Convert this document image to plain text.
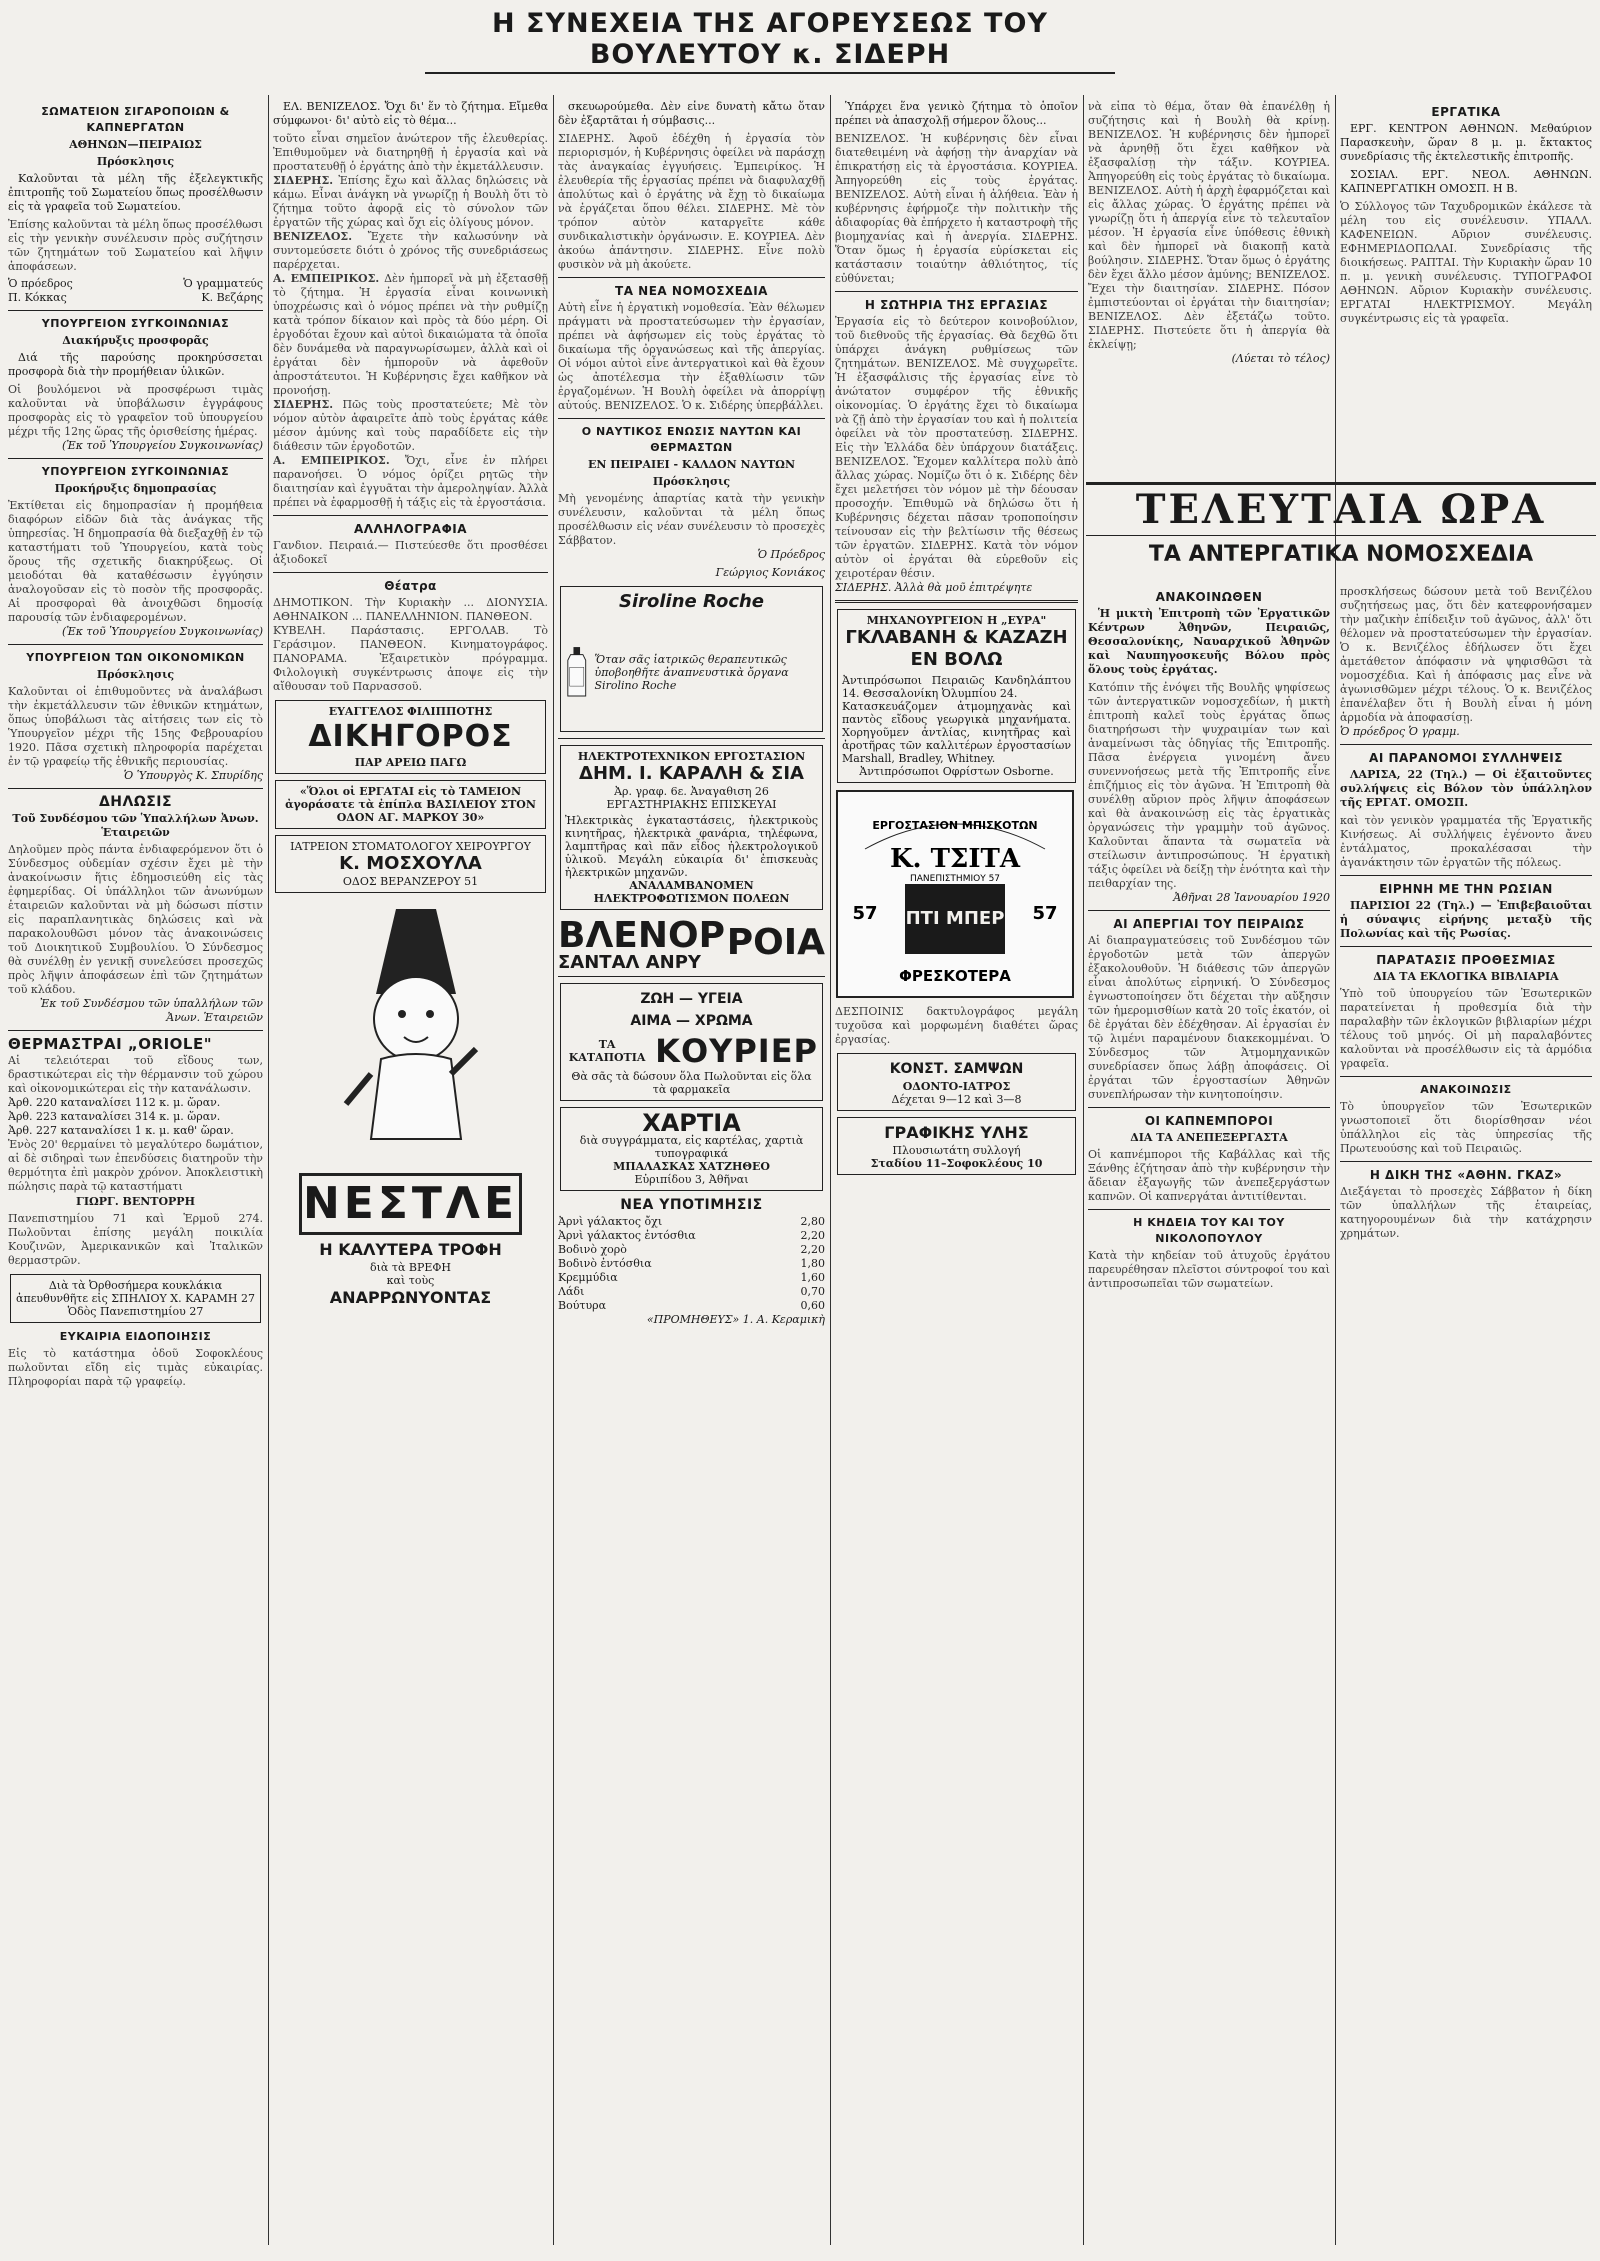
Η ΣΥΝΕΧΕΙΑ ΤΗΣ ΑΓΟΡΕΥΣΕΩΣ ΤΟΥ ΒΟΥΛΕΥΤΟΥ κ. ΣΙΔΕΡΗ
ΣΩΜΑΤΕΙΟΝ ΣΙΓΑΡΟΠΟΙΩΝ & ΚΑΠΝΕΡΓΑΤΩΝ
ΑΘΗΝΩΝ—ΠΕΙΡΑΙΩΣ
Πρόσκλησις

Καλοῦνται τὰ μέλη τῆς ἐξελεγκτικῆς ἐπιτροπῆς τοῦ Σωματείου ὅπως προσέλθωσιν εἰς τὰ γραφεῖα τοῦ Σωματείου.

Ἐπίσης καλοῦνται τὰ μέλη ὅπως προσέλθωσι εἰς τὴν γενικὴν συνέλευσιν πρὸς συζήτησιν τῶν ζητημάτων τοῦ Σωματείου καὶ λῆψιν ἀποφάσεων.
Ὁ πρόεδρος	Ὁ γραμματεύς
Π. Κόκκας	Κ. Βεζάρης
ΥΠΟΥΡΓΕΙΟΝ ΣΥΓΚΟΙΝΩΝΙΑΣ
Διακήρυξις προσφορᾶς

Διά τῆς παρούσης προκηρύσσεται προσφορὰ διὰ τὴν προμήθειαν ὑλικῶν.

Οἱ βουλόμενοι νὰ προσφέρωσι τιμὰς καλοῦνται νὰ ὑποβάλωσιν ἐγγράφους προσφορὰς εἰς τὸ γραφεῖον τοῦ ὑπουργείου μέχρι τῆς 12ης ὥρας τῆς ὁρισθείσης ἡμέρας.
(Ἐκ τοῦ Ὑπουργείου Συγκοινωνίας)
ΥΠΟΥΡΓΕΙΟΝ ΣΥΓΚΟΙΝΩΝΙΑΣ
Προκήρυξις δημοπρασίας
Ἐκτίθεται εἰς δημοπρασίαν ἡ προμήθεια διαφόρων εἰδῶν διὰ τὰς ἀνάγκας τῆς ὑπηρεσίας. Ἡ δημοπρασία θὰ διεξαχθῇ ἐν τῷ καταστήματι τοῦ Ὑπουργείου, κατὰ τοὺς ὅρους τῆς σχετικῆς διακηρύξεως. Οἱ μειοδόται θὰ καταθέσωσιν ἐγγύησιν ἀναλογοῦσαν εἰς τὸ ποσὸν τῆς προσφορᾶς. Αἱ προσφοραὶ θὰ ἀνοιχθῶσι δημοσίᾳ παρουσίᾳ τῶν ἐνδιαφερομένων.
(Ἐκ τοῦ Ὑπουργείου Συγκοινωνίας)
ΥΠΟΥΡΓΕΙΟΝ ΤΩΝ ΟΙΚΟΝΟΜΙΚΩΝ
Πρόσκλησις
Καλοῦνται οἱ ἐπιθυμοῦντες νὰ ἀναλάβωσι τὴν ἐκμετάλλευσιν τῶν ἐθνικῶν κτημάτων, ὅπως ὑποβάλωσι τὰς αἰτήσεις των εἰς τὸ Ὑπουργεῖον μέχρι τῆς 15ης Φεβρουαρίου 1920. Πᾶσα σχετικὴ πληροφορία παρέχεται ἐν τῷ γραφείῳ τῆς ἐθνικῆς περιουσίας.
Ὁ Ὑπουργὸς Κ. Σπυρίδης
ΔΗΛΩΣΙΣ
Τοῦ Συνδέσμου τῶν Ὑπαλλήλων Ἀνων. Ἑταιρειῶν
Δηλοῦμεν πρὸς πάντα ἐνδιαφερόμενον ὅτι ὁ Σύνδεσμος οὐδεμίαν σχέσιν ἔχει μὲ τὴν ἀνακοίνωσιν ἥτις ἐδημοσιεύθη εἰς τὰς ἐφημερίδας. Οἱ ὑπάλληλοι τῶν ἀνωνύμων ἑταιρειῶν καλοῦνται νὰ μὴ δώσωσι πίστιν εἰς παραπλανητικὰς δηλώσεις καὶ νὰ παρακολουθῶσι μόνον τὰς ἀνακοινώσεις τοῦ Διοικητικοῦ Συμβουλίου. Ὁ Σύνδεσμος θὰ συνέλθῃ ἐν γενικῇ συνελεύσει προσεχῶς πρὸς λῆψιν ἀποφάσεων ἐπὶ τῶν ζητημάτων τοῦ κλάδου.
Ἐκ τοῦ Συνδέσμου τῶν ὑπαλλήλων τῶν Ἀνων. Ἑταιρειῶν
ΘΕΡΜΑΣΤΡΑΙ „ORIOLE"
Αἱ τελειότεραι τοῦ εἴδους των, δραστικώτεραι εἰς τὴν θέρμανσιν τοῦ χώρου καὶ οἰκονομικώτεραι εἰς τὴν κατανάλωσιν.
Ἀρθ. 220 καταναλίσει 112 κ. μ. ὥραν.
Ἀρθ. 223 καταναλίσει 314 κ. μ. ὥραν.
Ἀρθ. 227 καταναλίσει 1 κ. μ. καθ' ὥραν.
Ἑνὸς 20' θερμαίνει τὸ μεγαλύτερο δωμάτιον, αἱ δὲ σιδηραὶ των ἐπενδύσεις διατηροῦν τὴν θερμότητα ἐπὶ μακρὸν χρόνον. Ἀποκλειστικὴ πώλησις παρὰ τῷ καταστήματι
ΓΙΩΡΓ. ΒΕΝΤΟΡΡΗ
Πανεπιστημίου 71 καὶ Ἑρμοῦ 274. Πωλοῦνται ἐπίσης μεγάλη ποικιλία Κουζινῶν, Ἀμερικανικῶν καὶ Ἰταλικῶν θερμαστρῶν.
Διὰ τὰ Ὀρθοσήμερα κουκλάκια ἀπευθυνθῆτε εἰς ΣΠΗΛΙΟΥ Χ. ΚΑΡΑΜΗ 27 Ὁδὸς Πανεπιστημίου 27
ΕΥΚΑΙΡΙΑ ΕΙΔΟΠΟΙΗΣΙΣ
Εἰς τὸ κατάστημα ὁδοῦ Σοφοκλέους πωλοῦνται εἴδη εἰς τιμὰς εὐκαιρίας. Πληροφορίαι παρὰ τῷ γραφείῳ.

ΕΛ. ΒΕΝΙΖΕΛΟΣ. Ὄχι δι' ἕν τὸ ζήτημα. Εἴμεθα σύμφωνοι· δι' αὐτὸ εἰς τὸ θέμα...

τοῦτο εἶναι σημεῖον ἀνώτερον τῆς ἐλευθερίας. Ἐπιθυμοῦμεν νὰ διατηρηθῇ ἡ ἐργασία καὶ νὰ προστατευθῇ ὁ ἐργάτης ἀπὸ τὴν ἐκμετάλλευσιν.
ΣΙΔΕΡΗΣ. Ἐπίσης ἔχω καὶ ἄλλας δηλώσεις νὰ κάμω. Εἶναι ἀνάγκη νὰ γνωρίζῃ ἡ Βουλὴ ὅτι τὸ ζήτημα τοῦτο ἀφορᾷ εἰς τὸ σύνολον τῶν ἐργατῶν τῆς χώρας καὶ ὄχι εἰς ὀλίγους μόνον.
ΒΕΝΙΖΕΛΟΣ. Ἔχετε τὴν καλωσύνην νὰ συντομεύσετε διότι ὁ χρόνος τῆς συνεδριάσεως παρέρχεται.
Α. ΕΜΠΕΙΡΙΚΟΣ. Δὲν ἠμπορεῖ νὰ μὴ ἐξετασθῇ τὸ ζήτημα. Ἡ ἐργασία εἶναι κοινωνικὴ ὑποχρέωσις καὶ ὁ νόμος πρέπει νὰ τὴν ρυθμίζῃ κατὰ τρόπον δίκαιον καὶ πρὸς τὰ δύο μέρη. Οἱ ἐργοδόται ἔχουν καὶ αὐτοὶ δικαιώματα τὰ ὁποῖα δὲν δυνάμεθα νὰ παραγνωρίσωμεν, ἀλλὰ καὶ οἱ ἐργάται δὲν ἠμποροῦν νὰ ἀφεθοῦν ἀπροστάτευτοι. Ἡ Κυβέρνησις ἔχει καθῆκον νὰ προνοήσῃ.
ΣΙΔΕΡΗΣ. Πῶς τοὺς προστατεύετε; Μὲ τὸν νόμον αὐτὸν ἀφαιρεῖτε ἀπὸ τοὺς ἐργάτας κάθε μέσον ἀμύνης καὶ τοὺς παραδίδετε εἰς τὴν διάθεσιν τῶν ἐργοδοτῶν.
Α. ΕΜΠΕΙΡΙΚΟΣ. Ὄχι, εἶνε ἐν πλήρει παρανοήσει. Ὁ νόμος ὁρίζει ρητῶς τὴν διαιτησίαν καὶ ἐγγυᾶται τὴν ἀμεροληψίαν. Ἀλλὰ πρέπει νὰ ἐφαρμοσθῇ ἡ τάξις εἰς τὰ ἐργοστάσια.
ΑΛΛΗΛΟΓΡΑΦΙΑ
Γανδιον. Πειραιά.— Πιστεύεσθε ὅτι προσθέσει ἀξιοδοκεῖ
Θέατρα
ΔΗΜΟΤΙΚΟΝ. Τὴν Κυριακὴν ... ΔΙΟΝΥΣΙΑ. ΑΘΗΝΑΙΚΟΝ ... ΠΑΝΕΛΛΗΝΙΟΝ. ΠΑΝΘΕΟΝ.
ΚΥΒΕΛΗ. Παράστασις. ΕΡΓΟΛΑΒ. Τὸ Γεράσιμον. ΠΑΝΘΕΟΝ. Κινηματογράφος. ΠΑΝΟΡΑΜΑ. Ἐξαιρετικὸν πρόγραμμα. Φιλολογικὴ συγκέντρωσις ἀποψε εἰς τὴν αἴθουσαν τοῦ Παρνασσοῦ.
ΕΥΑΓΓΕΛΟΣ ΦΙΛΙΠΠΟΤΗΣ
ΔΙΚΗΓΟΡΟΣ
ΠΑΡ ΑΡΕΙΩ ΠΑΓΩ
«Ὅλοι οἱ ΕΡΓΑΤΑΙ εἰς τὸ ΤΑΜΕΙΟΝ ἀγοράσατε τὰ ἐπίπλα ΒΑΣΙΛΕΙΟΥ ΣΤΟΝ ΟΔΟΝ ΑΓ. ΜΑΡΚΟΥ 30»
ΙΑΤΡΕΙΟΝ ΣΤΟΜΑΤΟΛΟΓΟΥ ΧΕΙΡΟΥΡΓΟΥ
Κ. ΜΟΣΧΟΥΛΑ
ΟΔΟΣ ΒΕΡΑΝΖΕΡΟΥ 51
ΝΕΣΤΛΕ
Η ΚΑΛΥΤΕΡΑ ΤΡΟΦΗ
διὰ τὰ ΒΡΕΦΗ
καὶ τοὺς
ΑΝΑΡΡΩΝΥΟΝΤΑΣ

σκευωρούμεθα. Δὲν εἶνε δυνατὴ κἄτω ὅταν δὲν ἐξαρτᾶται ἡ σύμβασις...

ΣΙΔΕΡΗΣ. Ἀφοῦ ἐδέχθη ἡ ἐργασία τὸν περιορισμόν, ἡ Κυβέρνησις ὀφείλει νὰ παράσχῃ τὰς ἀναγκαίας ἐγγυήσεις. Ἐμπειρίκος. Ἡ ἐλευθερία τῆς ἐργασίας πρέπει νὰ διαφυλαχθῇ ἀπολύτως καὶ ὁ ἐργάτης νὰ ἔχῃ τὸ δικαίωμα νὰ ἐργάζεται ὅπου θέλει. ΣΙΔΕΡΗΣ. Μὲ τὸν τρόπον αὐτὸν καταργεῖτε κάθε συνδικαλιστικὴν ὀργάνωσιν. Ε. ΚΟΥΡΙΕΑ. Δὲν ἀκούω ἀπάντησιν. ΣΙΔΕΡΗΣ. Εἶνε πολὺ φυσικὸν νὰ μὴ ἀκούετε.
ΤΑ ΝΕΑ ΝΟΜΟΣΧΕΔΙΑ
Αὐτὴ εἶνε ἡ ἐργατικὴ νομοθεσία. Ἐὰν θέλωμεν πράγματι νὰ προστατεύσωμεν τὴν ἐργασίαν, πρέπει νὰ ἀφήσωμεν εἰς τοὺς ἐργάτας τὸ δικαίωμα τῆς ὀργανώσεως καὶ τῆς ἀπεργίας. Οἱ νόμοι αὐτοὶ εἶνε ἀντεργατικοὶ καὶ θὰ ἔχουν ὡς ἀποτέλεσμα τὴν ἐξαθλίωσιν τῶν ἐργαζομένων. Ἡ Βουλὴ ὀφείλει νὰ ἀπορρίψῃ αὐτούς. ΒΕΝΙΖΕΛΟΣ. Ὁ κ. Σιδέρης ὑπερβάλλει.
Ο ΝΑΥΤΙΚΟΣ ΕΝΩΣΙΣ ΝΑΥΤΩΝ ΚΑΙ ΘΕΡΜΑΣΤΩΝ
ΕΝ ΠΕΙΡΑΙΕΙ - ΚΑΛΔΟΝ ΝΑΥΤΩΝ
Πρόσκλησις
Μὴ γενομένης ἀπαρτίας κατὰ τὴν γενικὴν συνέλευσιν, καλοῦνται τὰ μέλη ὅπως προσέλθωσιν εἰς νέαν συνέλευσιν τὸ προσεχὲς Σάββατον.
Ὁ Πρόεδρος
Γεώργιος Κονιάκος
Siroline Roche
Ὅταν σᾶς ἰατρικῶς θεραπευτικῶς ὑποβοηθῆτε ἀναπνευστικὰ ὄργανα Sirolino Roche
ΗΛΕΚΤΡΟΤΕΧΝΙΚΟΝ ΕΡΓΟΣΤΑΣΙΟΝ
ΔΗΜ. Ι. ΚΑΡΑΛΗ & ΣΙΑ
Ἀρ. γραφ. 6ε. Ἀναγαθιση 26 ΕΡΓΑΣΤΗΡΙΑΚΗΣ ΕΠΙΣΚΕΥΑΙ
Ἠλεκτρικὰς ἐγκαταστάσεις, ἠλεκτρικοὺς κινητῆρας, ἠλεκτρικὰ φανάρια, τηλέφωνα, λαμπτῆρας καὶ πᾶν εἶδος ἠλεκτρολογικοῦ ὑλικοῦ. Μεγάλη εὐκαιρία δι' ἐπισκευὰς ἠλεκτρικῶν μηχανῶν.
ΑΝΑΛΑΜΒΑΝΟΜΕΝ ΗΛΕΚΤΡΟΦΩΤΙΣΜΟΝ ΠΟΛΕΩΝ
ΒΛΕΝΟΡ
ΣΑΝΤΑΛ ΑΝΡΥ ΡΟΙΑ
ΖΩΗ — ΥΓΕΙΑ
ΑΙΜΑ — ΧΡΩΜΑ
ΤΑ ΚΑΤΑΠΟΤΙΑ ΚΟΥΡΙΕΡ
Θὰ σᾶς τὰ δώσουν ὅλα Πωλοῦνται εἰς ὅλα τὰ φαρμακεῖα
ΧΑΡΤΙΑ
διὰ συγγράμματα, εἰς καρτέλας, χαρτιὰ τυπογραφικά
ΜΠΑΛΑΣΚΑΣ ΧΑΤΖΗΘΕΟ
Εὐριπίδου 3, Ἀθῆναι
ΝΕΑ ΥΠΟΤΙΜΗΣΙΣ
Ἀρνὶ γάλακτος ὄχι	2,80
Ἀρνὶ γάλακτος ἐντόσθια	2,20
Βοδινὸ χορὸ	2,20
Βοδινὸ ἐντόσθια	1,80
Κρεμμύδια	1,60
Λάδι	0,70
Βούτυρα	0,60
«ΠΡΟΜΗΘΕΥΣ» 1. Α. Κεραμικὴ

Ὑπάρχει ἕνα γενικὸ ζήτημα τὸ ὁποῖον πρέπει νὰ ἀπασχολῇ σήμερον ὅλους...

ΒΕΝΙΖΕΛΟΣ. Ἡ κυβέρνησις δὲν εἶναι διατεθειμένη νὰ ἀφήσῃ τὴν ἀναρχίαν νὰ ἐπικρατήσῃ εἰς τὰ ἐργοστάσια. ΚΟΥΡΙΕΑ. Ἀπηγορεύθη εἰς τοὺς ἐργάτας. ΒΕΝΙΖΕΛΟΣ. Αὐτὴ εἶναι ἡ ἀλήθεια. Ἐὰν ἡ κυβέρνησις ἐφήρμοζε τὴν πολιτικὴν τῆς ἀδιαφορίας θὰ ἐπήρχετο ἡ καταστροφὴ τῆς βιομηχανίας καὶ ἡ ἀνεργία. ΣΙΔΕΡΗΣ. Ὅταν ὅμως ἡ ἐργασία εὑρίσκεται εἰς κατάστασιν τοιαύτην ἀθλιότητος, τίς εὐθύνεται;
Η ΣΩΤΗΡΙΑ ΤΗΣ ΕΡΓΑΣΙΑΣ
Ἐργασία εἰς τὸ δεύτερον κοινοβούλιον, τοῦ διεθνοῦς τῆς ἐργασίας. Θὰ δεχθῶ ὅτι ὑπάρχει ἀνάγκη ρυθμίσεως τῶν ζητημάτων. ΒΕΝΙΖΕΛΟΣ. Μὲ συγχωρεῖτε. Ἡ ἐξασφάλισις τῆς ἐργασίας εἶνε τὸ ἀνώτατον συμφέρον τῆς ἐθνικῆς οἰκονομίας. Ὁ ἐργάτης ἔχει τὸ δικαίωμα νὰ ζῇ ἀπὸ τὴν ἐργασίαν του καὶ ἡ πολιτεία ὀφείλει νὰ τὸν προστατεύσῃ. ΣΙΔΕΡΗΣ. Εἰς τὴν Ἑλλάδα δὲν ὑπάρχουν διατάξεις. ΒΕΝΙΖΕΛΟΣ. Ἔχομεν καλλίτερα πολὺ ἀπὸ ἄλλας χώρας. Νομίζω ὅτι ὁ κ. Σιδέρης δὲν ἔχει μελετήσει τὸν νόμον μὲ τὴν δέουσαν προσοχήν. Ἐπιθυμῶ νὰ δηλώσω ὅτι ἡ Κυβέρνησις δέχεται πᾶσαν τροποποίησιν τείνουσαν εἰς τὴν βελτίωσιν τῆς θέσεως τῶν ἐργατῶν. ΣΙΔΕΡΗΣ. Κατὰ τὸν νόμον αὐτὸν οἱ ἐργάται θὰ εὑρεθοῦν εἰς χειροτέραν θέσιν.
ΣΙΔΕΡΗΣ. Ἀλλὰ θὰ μοῦ ἐπιτρέψητε
ΜΗΧΑΝΟΥΡΓΕΙΟΝ Η „ΕΥΡΑ"
ΓΚΛΑΒΑΝΗ & ΚΑΖΑΖΗ ΕΝ ΒΟΛΩ
Ἀντιπρόσωποι Πειραιῶς Κανδηλάπτου 14. Θεσσαλονίκη Ὀλυμπίου 24.
Κατασκευάζομεν ἀτμομηχανὰς καὶ παντὸς εἴδους γεωργικὰ μηχανήματα. Χορηγοῦμεν ἀντλίας, κινητῆρας καὶ ἀροτῆρας τῶν καλλιτέρων ἐργοστασίων Marshall, Bradley, Whitney.
Ἀντιπρόσωποι Οφρίστων Osborne.
ΕΡΓΟΣΤΑΣΙΟΝ ΜΠΙΣΚΟΤΩΝ
Κ. ΤΣΙΤΑ
ΠΑΝΕΠΙΣΤΗΜΙΟΥ 57
ΠΤΙ ΜΠΕΡ
57	57
ΦΡΕΣΚΟΤΕΡΑ
ΔΕΣΠΟΙΝΙΣ δακτυλογράφος μεγάλη τυχοῦσα καὶ μορφωμένη διαθέτει ὥρας ἐργασίας.
ΚΟΝΣΤ. ΣΑΜΨΩΝ
ΟΔΟΝΤΟ-ΙΑΤΡΟΣ
Δέχεται 9—12 καὶ 3—8
ΓΡΑΦΙΚΗΣ ΥΛΗΣ
Πλουσιωτάτη συλλογή
Σταδίου 11–Σοφοκλέους 10
νὰ εἶπα τὸ θέμα, ὅταν θὰ ἐπανέλθῃ ἡ συζήτησις καὶ ἡ Βουλὴ θὰ κρίνῃ. ΒΕΝΙΖΕΛΟΣ. Ἡ κυβέρνησις δὲν ἠμπορεῖ νὰ ἀρνηθῇ ὅτι ἔχει καθῆκον νὰ ἐξασφαλίσῃ τὴν τάξιν. ΚΟΥΡΙΕΑ. Ἀπηγορεύθη εἰς τοὺς ἐργάτας τὸ δικαίωμα. ΒΕΝΙΖΕΛΟΣ. Αὐτὴ ἡ ἀρχὴ ἐφαρμόζεται καὶ εἰς ἄλλας χώρας. Ὁ ἐργάτης πρέπει νὰ γνωρίζῃ ὅτι ἡ ἀπεργία εἶνε τὸ τελευταῖον μέσον. Ἡ ἐργασία εἶνε ὑπόθεσις ἐθνικὴ καὶ δὲν ἠμπορεῖ νὰ διακοπῇ κατὰ βούλησιν. ΣΙΔΕΡΗΣ. Ὅταν ὅμως ὁ ἐργάτης δὲν ἔχει ἄλλο μέσον ἀμύνης; ΒΕΝΙΖΕΛΟΣ. Ἔχει τὴν διαιτησίαν. ΣΙΔΕΡΗΣ. Πόσον ἐμπιστεύονται οἱ ἐργάται τὴν διαιτησίαν; ΒΕΝΙΖΕΛΟΣ. Δὲν ἐξετάζω τοῦτο. ΣΙΔΕΡΗΣ. Πιστεύετε ὅτι ἡ ἀπεργία θὰ ἐκλείψῃ;
(Λύεται τὸ τέλος)
ΕΡΓΑΤΙΚΑ

ΕΡΓ. ΚΕΝΤΡΟΝ ΑΘΗΝΩΝ. Μεθαύριον Παρασκευὴν, ὥραν 8 μ. μ. ἔκτακτος συνεδρίασις τῆς ἐκτελεστικῆς ἐπιτροπῆς.

ΣΟΣΙΑΛ. ΕΡΓ. ΝΕΟΛ. ΑΘΗΝΩΝ. ΚΑΠΝΕΡΓΑΤΙΚΗ ΟΜΟΣΠ. Η Β.

Ὁ Σύλλογος τῶν Ταχυδρομικῶν ἐκάλεσε τὰ μέλη του εἰς συνέλευσιν. ΥΠΑΛΛ. ΚΑΦΕΝΕΙΩΝ. Αὔριον συνέλευσις. ΕΦΗΜΕΡΙΔΟΠΩΛΑΙ. Συνεδρίασις τῆς διοικήσεως. ΡΑΠΤΑΙ. Τὴν Κυριακὴν ὥραν 10 π. μ. γενικὴ συνέλευσις. ΤΥΠΟΓΡΑΦΟΙ ΑΘΗΝΩΝ. Αὔριον Κυριακὴν συνέλευσις. ΕΡΓΑΤΑΙ ΗΛΕΚΤΡΙΣΜΟΥ. Μεγάλη συγκέντρωσις εἰς τὰ γραφεῖα.
ΤΕΛΕΥΤΑΙΑ ΩΡΑ
ΤΑ ΑΝΤΕΡΓΑΤΙΚΑ ΝΟΜΟΣΧΕΔΙΑ
ΑΝΑΚΟΙΝΩΘΕΝ

Ἡ μικτὴ Ἐπιτροπὴ τῶν Ἐργατικῶν Κέντρων Ἀθηνῶν, Πειραιῶς, Θεσσαλονίκης, Ναυαρχικοῦ Ἀθηνῶν καὶ Ναυπηγοσκευῆς Βόλου πρὸς ὅλους τοὺς ἐργάτας.

Κατόπιν τῆς ἐνόψει τῆς Βουλῆς ψηφίσεως τῶν ἀντεργατικῶν νομοσχεδίων, ἡ μικτὴ ἐπιτροπὴ καλεῖ τοὺς ἐργάτας ὅπως διατηρήσωσι τὴν ψυχραιμίαν των καὶ ἀναμείνωσι τὰς ὁδηγίας τῆς Ἐπιτροπῆς. Πᾶσα ἐνέργεια γινομένη ἄνευ συνεννοήσεως μετὰ τῆς Ἐπιτροπῆς εἶνε ἐπιζήμιος εἰς τὸν ἀγῶνα. Ἡ Ἐπιτροπὴ θὰ συνέλθῃ αὔριον πρὸς λῆψιν ἀποφάσεων καὶ θὰ ἀνακοινώσῃ εἰς τὰς ἐργατικὰς ὀργανώσεις τὴν γραμμὴν τοῦ ἀγῶνος. Καλοῦνται ἅπαντα τὰ σωματεῖα νὰ στείλωσιν ἀντιπροσώπους. Ἡ ἐργατικὴ τάξις ὀφείλει νὰ δείξῃ τὴν ἑνότητα καὶ τὴν πειθαρχίαν της.
Ἀθῆναι 28 Ἰανουαρίου 1920
ΑΙ ΑΠΕΡΓΙΑΙ ΤΟΥ ΠΕΙΡΑΙΩΣ
Αἱ διαπραγματεύσεις τοῦ Συνδέσμου τῶν ἐργοδοτῶν μετὰ τῶν ἀπεργῶν ἐξακολουθοῦν. Ἡ διάθεσις τῶν ἀπεργῶν εἶναι ἀπολύτως εἰρηνική. Ὁ Σύνδεσμος ἐγνωστοποίησεν ὅτι δέχεται τὴν αὔξησιν τῶν ἡμερομισθίων κατὰ 20 τοῖς ἑκατόν, οἱ δὲ ἐργάται δὲν ἐδέχθησαν. Αἱ ἐργασίαι ἐν τῷ λιμένι παραμένουν διακεκομμέναι. Ὁ Σύνδεσμος τῶν Ἀτμομηχανικῶν συνεδρίασεν ὅπως λάβῃ ἀποφάσεις. Οἱ ἐργάται τῶν ἐργοστασίων Ἀθηνῶν συνεπλήρωσαν τὴν κινητοποίησιν.
ΟΙ ΚΑΠΝΕΜΠΟΡΟΙ
ΔΙΑ ΤΑ ΑΝΕΠΕΞΕΡΓΑΣΤΑ
Οἱ καπνέμποροι τῆς Καβάλλας καὶ τῆς Ξάνθης ἐζήτησαν ἀπὸ τὴν κυβέρνησιν τὴν ἄδειαν ἐξαγωγῆς τῶν ἀνεπεξεργάστων καπνῶν. Οἱ καπνεργάται ἀντιτίθενται.
Η ΚΗΔΕΙΑ ΤΟΥ ΚΑΙ ΤΟΥ ΝΙΚΟΛΟΠΟΥΛΟΥ
Κατὰ τὴν κηδείαν τοῦ ἀτυχοῦς ἐργάτου παρευρέθησαν πλεῖστοι σύντροφοί του καὶ ἀντιπροσωπεῖαι τῶν σωματείων.
προσκλήσεως δώσουν μετὰ τοῦ Βενιζέλου συζητήσεως μας, ὅτι δὲν κατεφρονήσαμεν τὴν μαζικὴν ἐπίδειξιν τοῦ ἀγῶνος, ἀλλ' ὅτι θέλομεν νὰ προστατεύσωμεν τὴν ἐργασίαν. Ὁ κ. Βενιζέλος ἐδήλωσεν ὅτι ἔχει ἀμετάθετον ἀπόφασιν νὰ ψηφισθῶσι τὰ νομοσχέδια. Καὶ ἡ ἀπόφασις μας εἶνε νὰ ἀγωνισθῶμεν μέχρι τέλους. Ὁ κ. Βενιζέλος ἐπανέλαβεν ὅτι ἡ Βουλὴ εἶναι ἡ μόνη ἁρμοδία νὰ ἀποφασίσῃ.
Ὁ πρόεδρος Ὁ γραμμ.
ΑΙ ΠΑΡΑΝΟΜΟΙ ΣΥΛΛΗΨΕΙΣ

ΛΑΡΙΣΑ, 22 (Τηλ.) — Οἱ ἐξαιτοῦντες συλλήψεις εἰς Βόλον τὸν ὑπάλληλον τῆς ΕΡΓΑΤ. ΟΜΟΣΠ.

καὶ τὸν γενικὸν γραμματέα τῆς Ἐργατικῆς Κινήσεως. Αἱ συλλήψεις ἐγένοντο ἄνευ ἐντάλματος, προκαλέσασαι τὴν ἀγανάκτησιν τῶν ἐργατῶν τῆς πόλεως.
ΕΙΡΗΝΗ ΜΕ ΤΗΝ ΡΩΣΙΑΝ

ΠΑΡΙΣΙΟΙ 22 (Τηλ.) — Ἐπιβεβαιοῦται ἡ σύναψις εἰρήνης μεταξὺ τῆς Πολωνίας καὶ τῆς Ρωσίας.

ΠΑΡΑΤΑΣΙΣ ΠΡΟΘΕΣΜΙΑΣ
ΔΙΑ ΤΑ ΕΚΛΟΓΙΚΑ ΒΙΒΛΙΑΡΙΑ
Ὑπὸ τοῦ ὑπουργείου τῶν Ἐσωτερικῶν παρατείνεται ἡ προθεσμία διὰ τὴν παραλαβὴν τῶν ἐκλογικῶν βιβλιαρίων μέχρι τέλους τοῦ μηνός. Οἱ μὴ παραλαβόντες καλοῦνται νὰ προσέλθωσιν εἰς τὰ ἁρμόδια γραφεῖα.
ΑΝΑΚΟΙΝΩΣΙΣ
Τὸ ὑπουργεῖον τῶν Ἐσωτερικῶν γνωστοποιεῖ ὅτι διορίσθησαν νέοι ὑπάλληλοι εἰς τὰς ὑπηρεσίας τῆς Πρωτευούσης καὶ τοῦ Πειραιῶς.
Η ΔΙΚΗ ΤΗΣ «ΑΘΗΝ. ΓΚΑΖ»
Διεξάγεται τὸ προσεχὲς Σάββατον ἡ δίκη τῶν ὑπαλλήλων τῆς ἑταιρείας, κατηγορουμένων διὰ τὴν κατάχρησιν χρημάτων.
